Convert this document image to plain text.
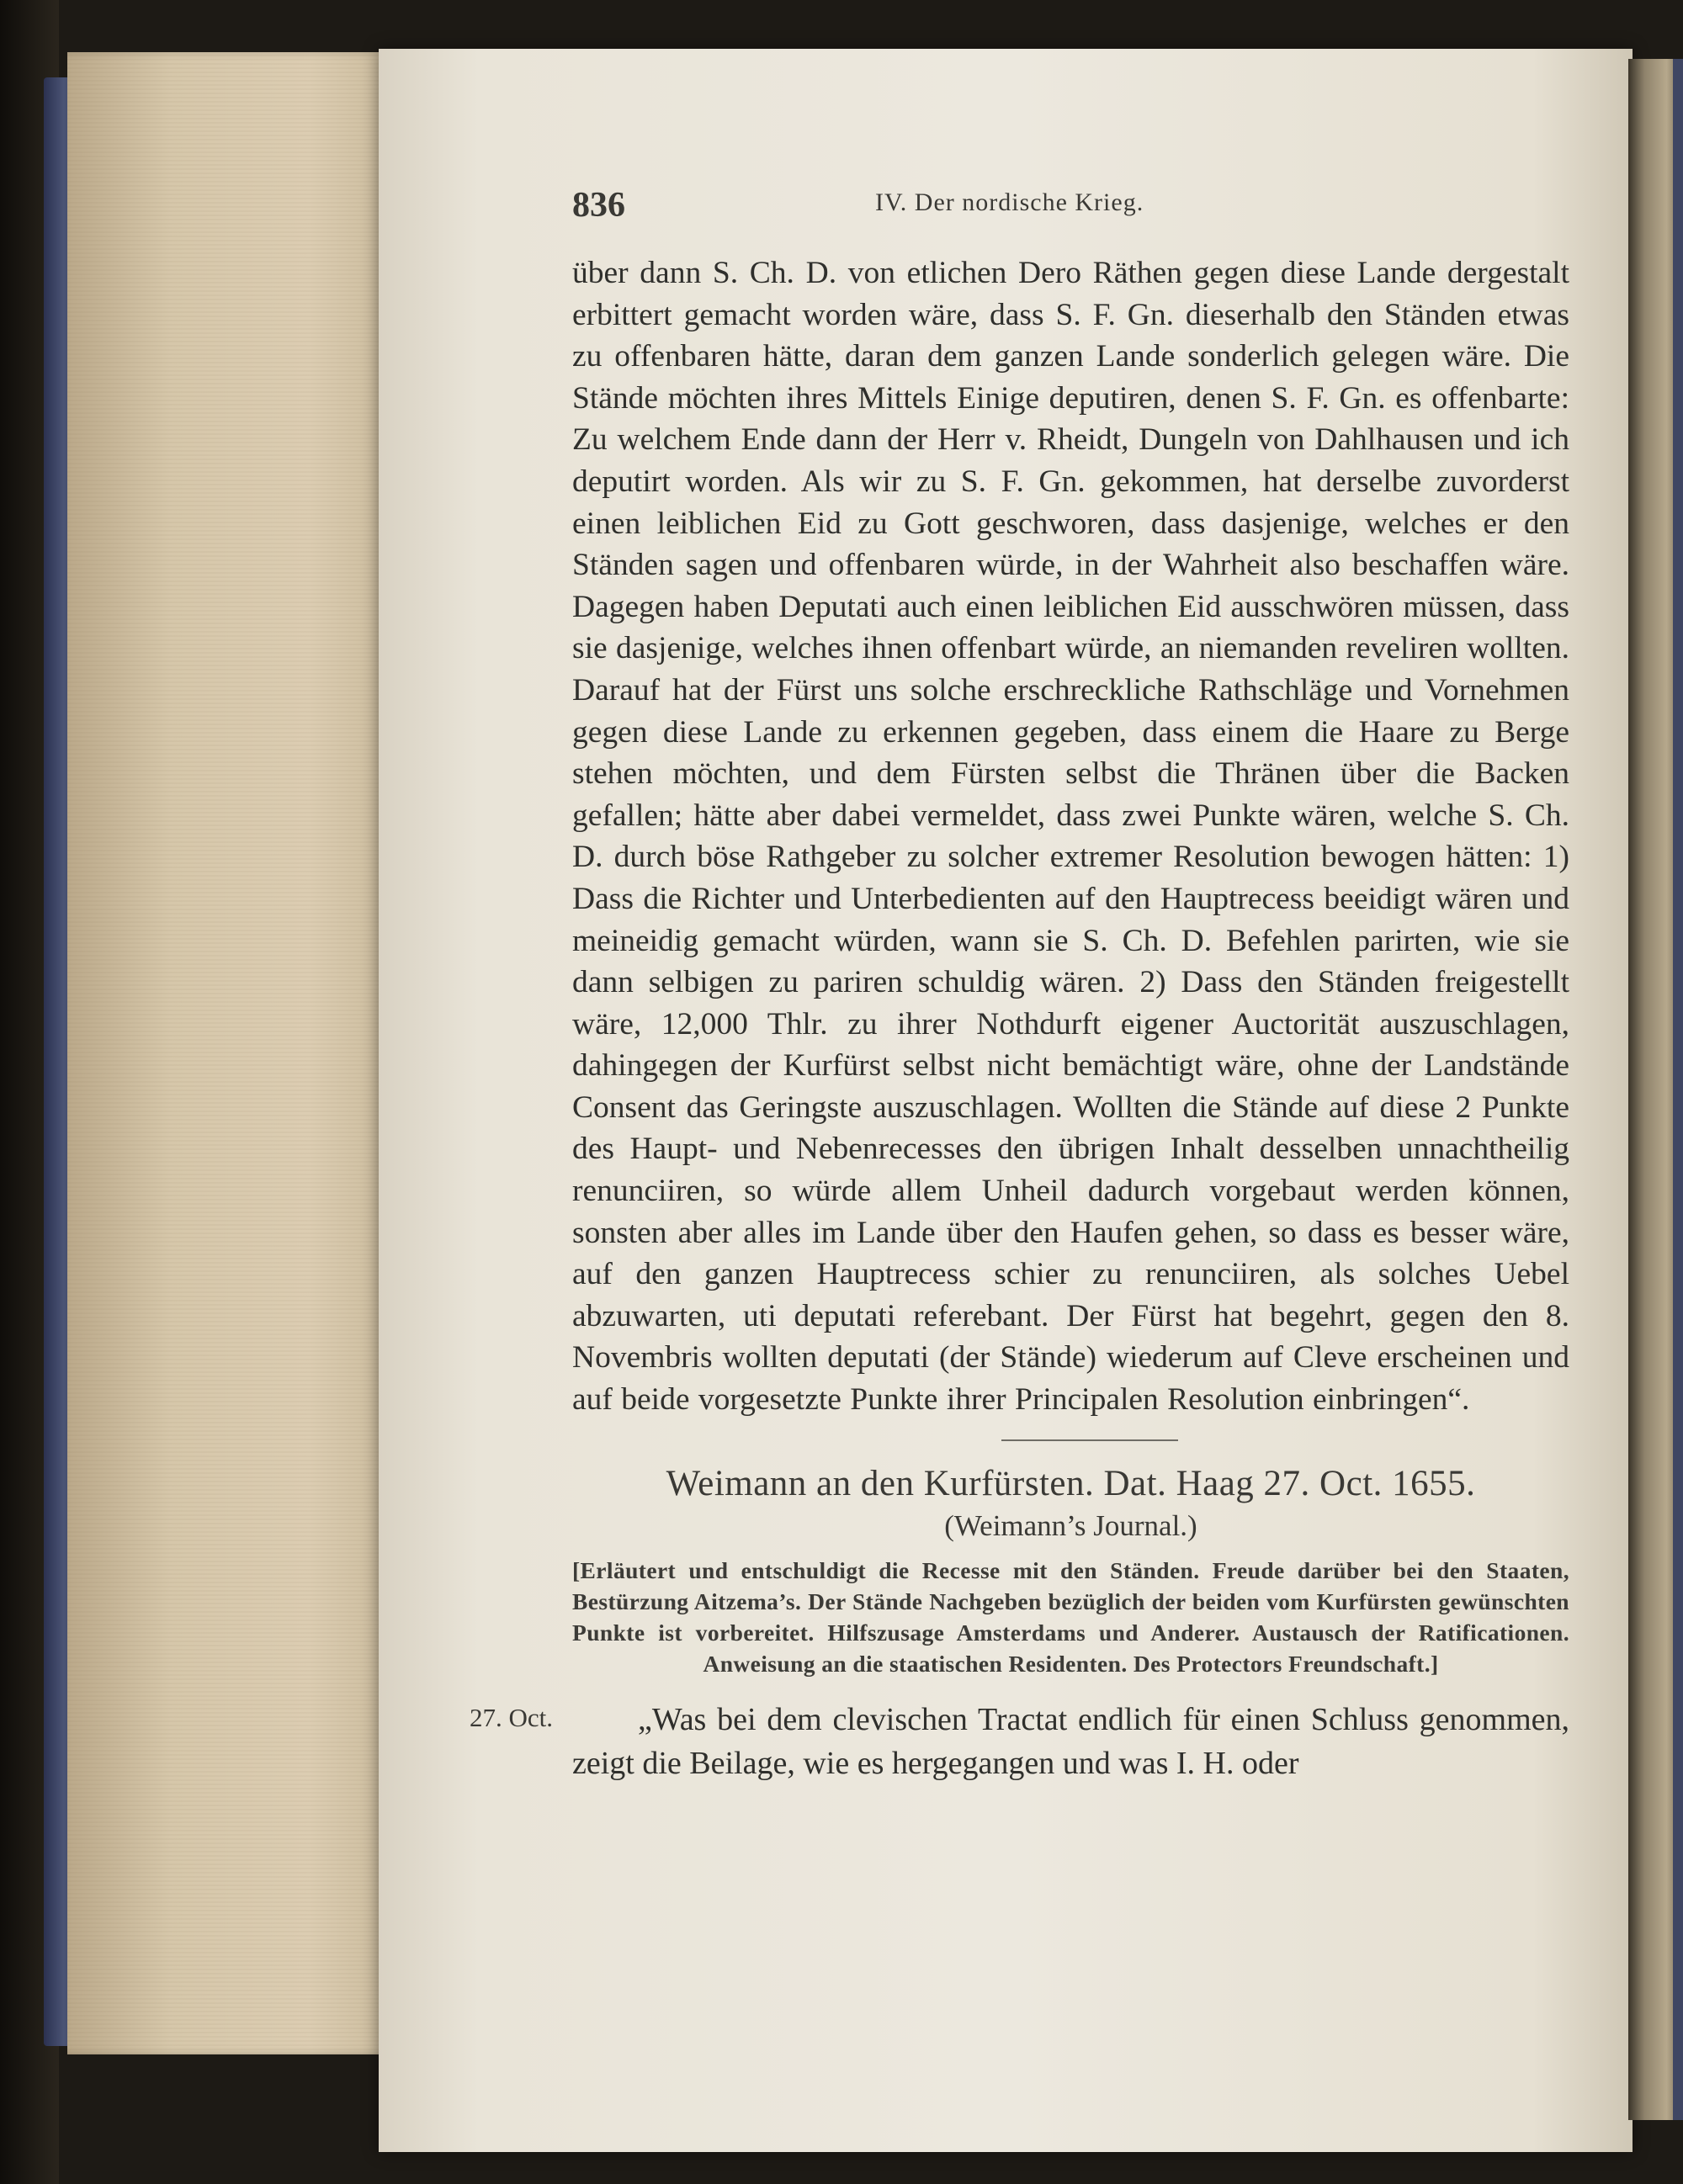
836	IV. Der nordische Krieg.
über dann S. Ch. D. von etlichen Dero Räthen gegen diese Lande dergestalt erbittert gemacht worden wäre, dass S. F. Gn. dieserhalb den Ständen etwas zu offenbaren hätte, daran dem ganzen Lande sonderlich gelegen wäre. Die Stände möchten ihres Mittels Einige deputiren, denen S. F. Gn. es offenbarte: Zu welchem Ende dann der Herr v. Rheidt, Dungeln von Dahlhausen und ich deputirt worden. Als wir zu S. F. Gn. gekommen, hat derselbe zuvorderst einen leiblichen Eid zu Gott geschworen, dass dasjenige, welches er den Ständen sagen und offenbaren würde, in der Wahrheit also beschaffen wäre. Dagegen haben Deputati auch einen leiblichen Eid ausschwören müssen, dass sie dasjenige, welches ihnen offenbart würde, an niemanden reveliren wollten. Darauf hat der Fürst uns solche erschreckliche Rathschläge und Vornehmen gegen diese Lande zu erkennen gegeben, dass einem die Haare zu Berge stehen möchten, und dem Fürsten selbst die Thränen über die Backen gefallen; hätte aber dabei vermeldet, dass zwei Punkte wären, welche S. Ch. D. durch böse Rathgeber zu solcher extremer Resolution bewogen hätten: 1) Dass die Richter und Unterbedienten auf den Hauptrecess beeidigt wären und meineidig gemacht würden, wann sie S. Ch. D. Befehlen parirten, wie sie dann selbigen zu pariren schuldig wären. 2) Dass den Ständen freigestellt wäre, 12,000 Thlr. zu ihrer Nothdurft eigener Auctorität auszuschlagen, dahingegen der Kurfürst selbst nicht bemächtigt wäre, ohne der Landstände Consent das Geringste auszuschlagen. Wollten die Stände auf diese 2 Punkte des Haupt- und Nebenrecesses den übrigen Inhalt desselben unnachtheilig renunciiren, so würde allem Unheil dadurch vorgebaut werden können, sonsten aber alles im Lande über den Haufen gehen, so dass es besser wäre, auf den ganzen Hauptrecess schier zu renunciiren, als solches Uebel abzuwarten, uti deputati referebant. Der Fürst hat begehrt, gegen den 8. Novembris wollten deputati (der Stände) wiederum auf Cleve erscheinen und auf beide vorgesetzte Punkte ihrer Principalen Resolution einbringen“.
Weimann an den Kurfürsten. Dat. Haag 27. Oct. 1655.
(Weimann’s Journal.)
[Erläutert und entschuldigt die Recesse mit den Ständen. Freude darüber bei den Staaten, Bestürzung Aitzema’s. Der Stände Nachgeben bezüglich der beiden vom Kurfürsten gewünschten Punkte ist vorbereitet. Hilfszusage Amsterdams und Anderer. Austausch der Ratificationen. Anweisung an die staatischen Residenten. Des Protectors Freundschaft.]
27. Oct.	„Was bei dem clevischen Tractat endlich für einen Schluss genommen, zeigt die Beilage, wie es hergegangen und was I. H. oder
